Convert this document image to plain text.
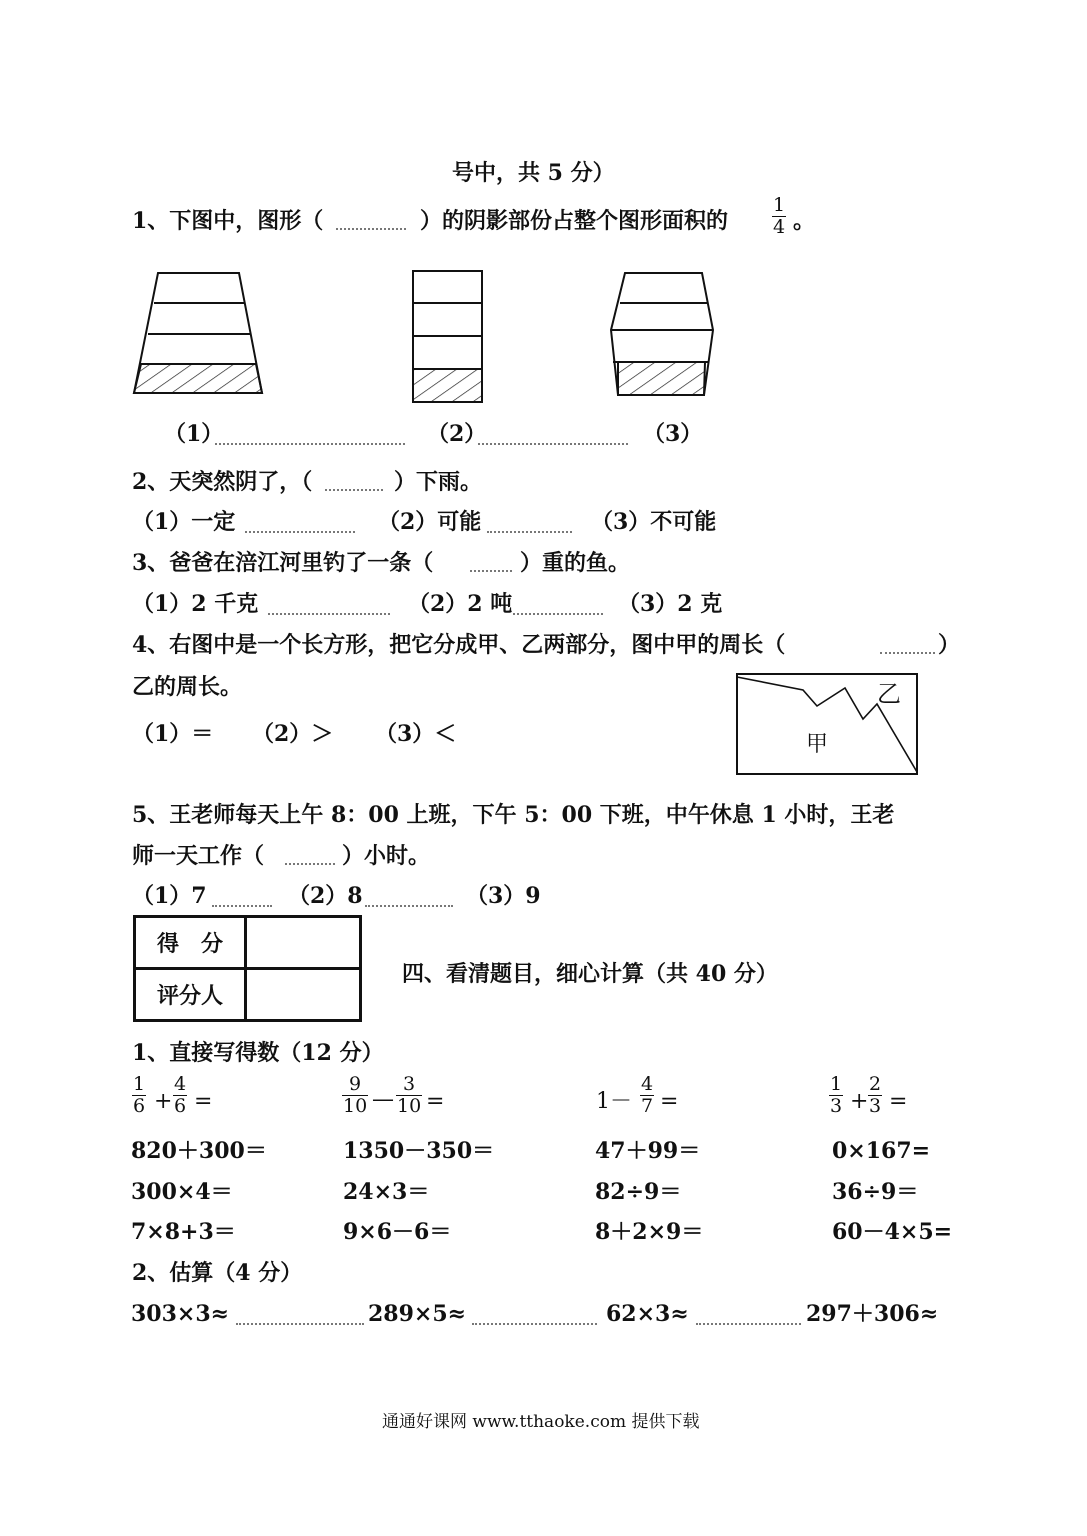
号中，共 5 分）
1、下图中，图形（	）的阴影部份占整个图形面积的 $\frac{1}{4}$ 。
（1）	（2）	（3）
2、天突然阴了，（	）下雨。
（1）一定	（2）可能	（3）不可能
3、爸爸在涪江河里钓了一条（	）重的鱼。
（1）2 千克	（2）2 吨	（3）2 克
4、右图中是一个长方形，把它分成甲、乙两部分，图中甲的周长（	）
乙的周长。
（1）＝ （2）＞ （3）＜	甲
乙
5、王老师每天上午 8：00 上班，下午 5：00 下班，中午休息 1 小时，王老
师一天工作（	）小时。
（1）7	（2）8	（3）9
得　分	
评分人	
四、看清题目，细心计算（共 40 分）
1、直接写得数（12 分）
$\frac{1}{6} + \frac{4}{6}$ =	$\frac{9}{10}$ — $\frac{3}{10}$ =	$1- \frac{4}{7}$ =	$\frac{1}{3} + \frac{2}{3}$ =
820＋300＝	1350－350＝	47＋99＝	0×167=
300×4＝	24×3＝	82÷9＝	36÷9＝
7×8+3＝	9×6－6＝	8＋2×9＝	60－4×5=
2、估算（4 分）
303×3≈	289×5≈	62×3≈	297＋306≈
通通好课网 www.tthaoke.com 提供下载
